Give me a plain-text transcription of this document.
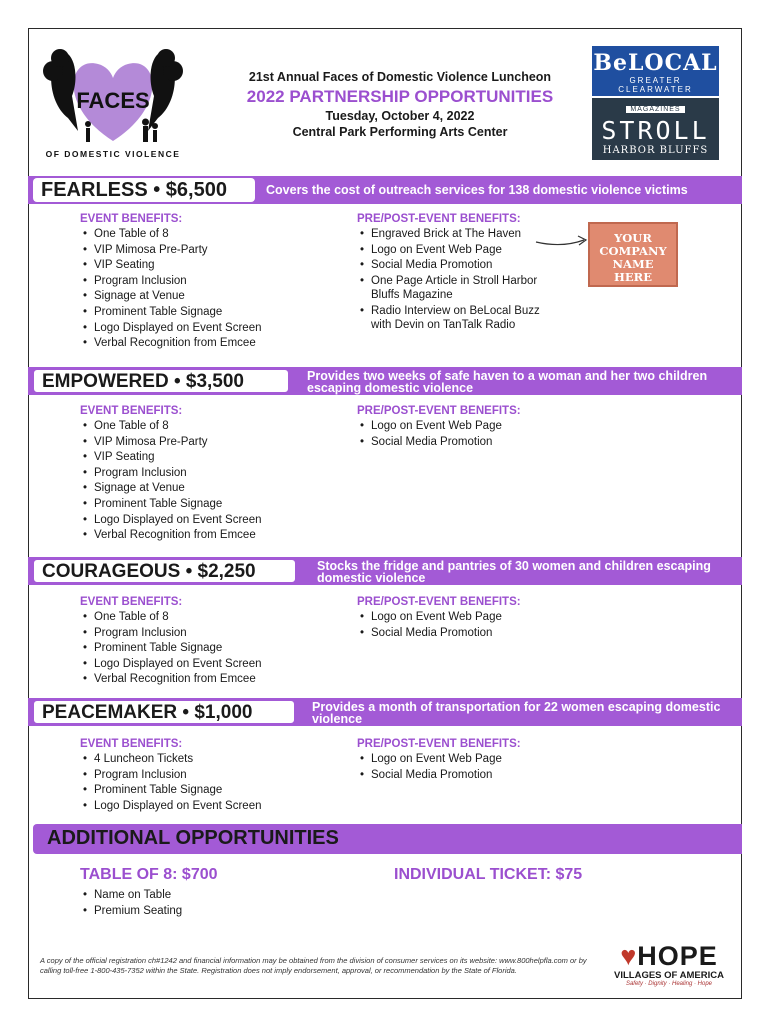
FACES
OF DOMESTIC VIOLENCE
21st Annual Faces of Domestic Violence Luncheon
2022 PARTNERSHIP OPPORTUNITIES
Tuesday, October 4, 2022
Central Park Performing Arts Center
BeLOCAL
GREATER CLEARWATER
MAGAZINES
STROLL
HARBOR BLUFFS
FEARLESS • $6,500	Covers the cost of outreach services for 138 domestic violence victims
EVENT BENEFITS:
• One Table of 8
• VIP Mimosa Pre-Party
• VIP Seating
• Program Inclusion
• Signage at Venue
• Prominent Table Signage
• Logo Displayed on Event Screen
• Verbal Recognition from Emcee
PRE/POST-EVENT BENEFITS:
• Engraved Brick at The Haven
• Logo on Event Web Page
• Social Media Promotion
• One Page Article in Stroll Harbor Bluffs Magazine
• Radio Interview on BeLocal Buzz with Devin on TanTalk Radio
YOUR
COMPANY
NAME
HERE
EMPOWERED • $3,500	Provides two weeks of safe haven to a woman and her two children escaping domestic violence
EVENT BENEFITS:
• One Table of 8
• VIP Mimosa Pre-Party
• VIP Seating
• Program Inclusion
• Signage at Venue
• Prominent Table Signage
• Logo Displayed on Event Screen
• Verbal Recognition from Emcee
PRE/POST-EVENT BENEFITS:
• Logo on Event Web Page
• Social Media Promotion
COURAGEOUS • $2,250	Stocks the fridge and pantries of 30 women and children escaping domestic violence
EVENT BENEFITS:
• One Table of 8
• Program Inclusion
• Prominent Table Signage
• Logo Displayed on Event Screen
• Verbal Recognition from Emcee
PRE/POST-EVENT BENEFITS:
• Logo on Event Web Page
• Social Media Promotion
PEACEMAKER • $1,000	Provides a month of transportation for 22 women escaping domestic violence
EVENT BENEFITS:
• 4 Luncheon Tickets
• Program Inclusion
• Prominent Table Signage
• Logo Displayed on Event Screen
PRE/POST-EVENT BENEFITS:
• Logo on Event Web Page
• Social Media Promotion
ADDITIONAL OPPORTUNITIES
TABLE OF 8: $700
• Name on Table
• Premium Seating
INDIVIDUAL TICKET: $75
A copy of the official registration ch#1242 and financial information may be obtained from the division of consumer services on its website: www.800helpfla.com or by calling toll-free 1-800-435-7352 within the State. Registration does not imply endorsement, approval, or recommendation by the State of Florida.	♥HOPE
VILLAGES OF AMERICA
Safety · Dignity · Healing · Hope
